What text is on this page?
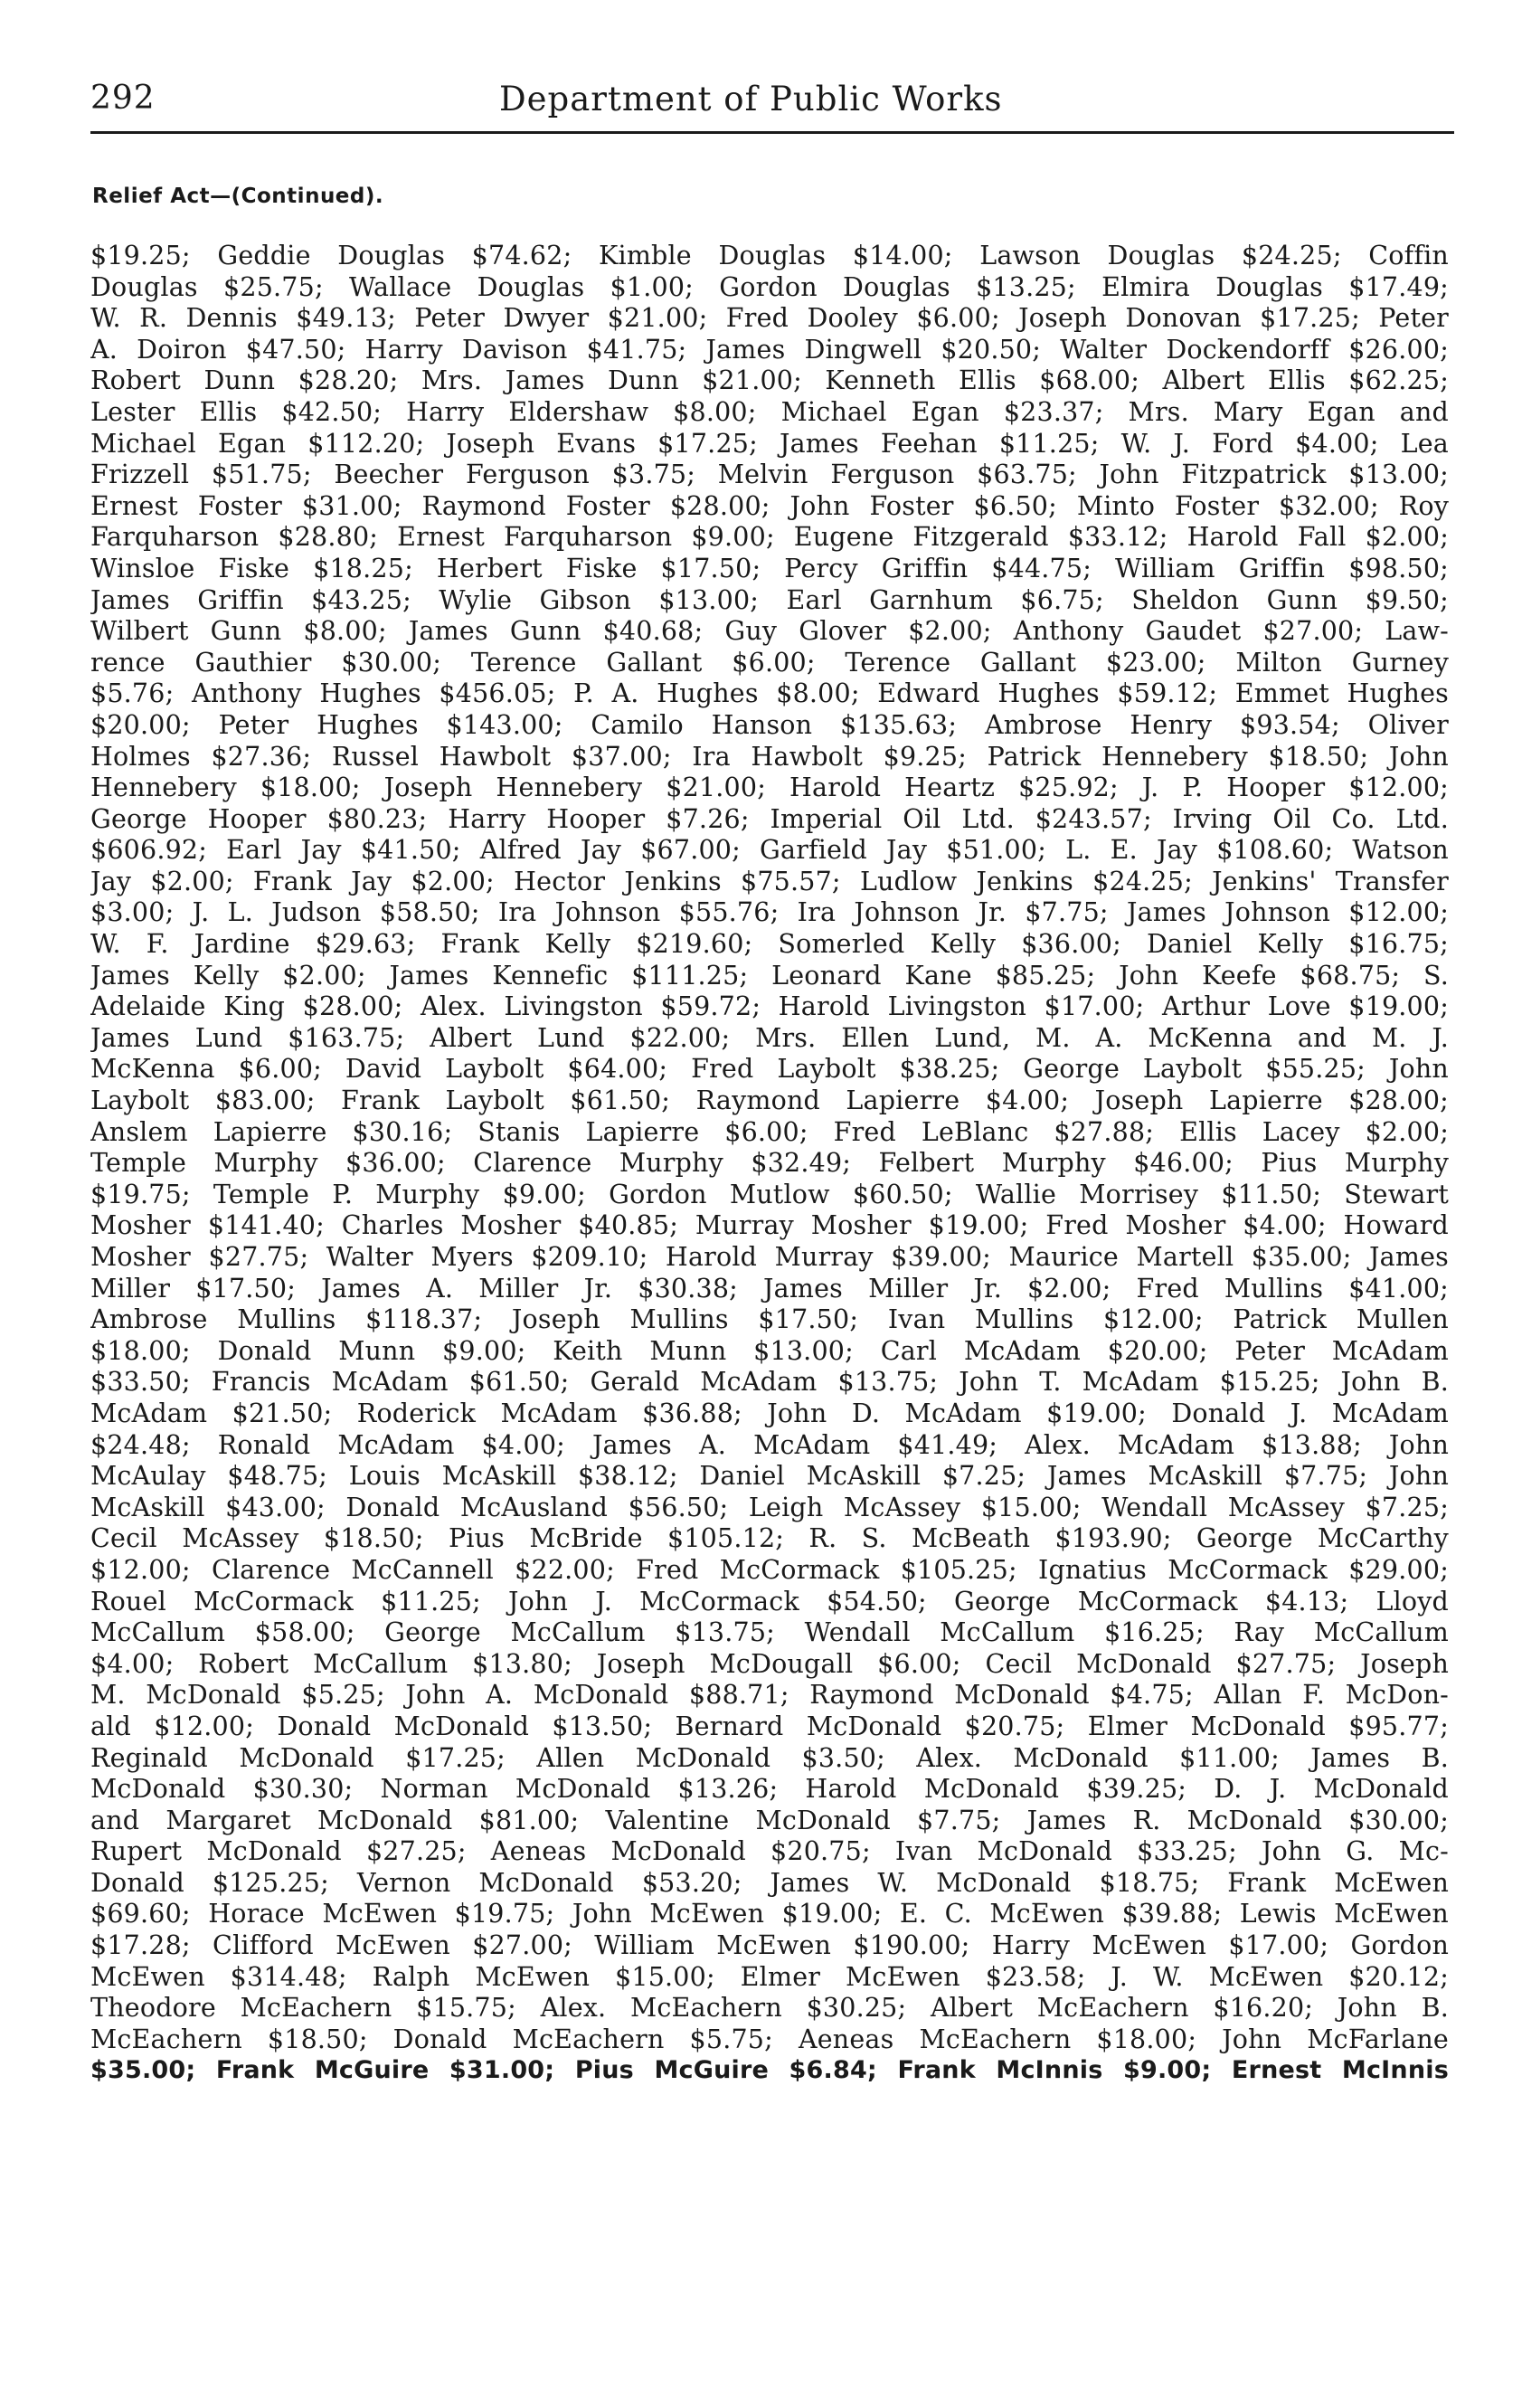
292	Department of Public Works
Relief Act—(Continued).
$19.25; Geddie Douglas $74.62; Kimble Douglas $14.00; Lawson Douglas $24.25; Coffin
Douglas $25.75; Wallace Douglas $1.00; Gordon Douglas $13.25; Elmira Douglas $17.49;
W. R. Dennis $49.13; Peter Dwyer $21.00; Fred Dooley $6.00; Joseph Donovan $17.25; Peter
A. Doiron $47.50; Harry Davison $41.75; James Dingwell $20.50; Walter Dockendorff $26.00;
Robert Dunn $28.20; Mrs. James Dunn $21.00; Kenneth Ellis $68.00; Albert Ellis $62.25;
Lester Ellis $42.50; Harry Eldershaw $8.00; Michael Egan $23.37; Mrs. Mary Egan and
Michael Egan $112.20; Joseph Evans $17.25; James Feehan $11.25; W. J. Ford $4.00; Lea
Frizzell $51.75; Beecher Ferguson $3.75; Melvin Ferguson $63.75; John Fitzpatrick $13.00;
Ernest Foster $31.00; Raymond Foster $28.00; John Foster $6.50; Minto Foster $32.00; Roy
Farquharson $28.80; Ernest Farquharson $9.00; Eugene Fitzgerald $33.12; Harold Fall $2.00;
Winsloe Fiske $18.25; Herbert Fiske $17.50; Percy Griffin $44.75; William Griffin $98.50;
James Griffin $43.25; Wylie Gibson $13.00; Earl Garnhum $6.75; Sheldon Gunn $9.50;
Wilbert Gunn $8.00; James Gunn $40.68; Guy Glover $2.00; Anthony Gaudet $27.00; Law-
rence Gauthier $30.00; Terence Gallant $6.00; Terence Gallant $23.00; Milton Gurney
$5.76; Anthony Hughes $456.05; P. A. Hughes $8.00; Edward Hughes $59.12; Emmet Hughes
$20.00; Peter Hughes $143.00; Camilo Hanson $135.63; Ambrose Henry $93.54; Oliver
Holmes $27.36; Russel Hawbolt $37.00; Ira Hawbolt $9.25; Patrick Hennebery $18.50; John
Hennebery $18.00; Joseph Hennebery $21.00; Harold Heartz $25.92; J. P. Hooper $12.00;
George Hooper $80.23; Harry Hooper $7.26; Imperial Oil Ltd. $243.57; Irving Oil Co. Ltd.
$606.92; Earl Jay $41.50; Alfred Jay $67.00; Garfield Jay $51.00; L. E. Jay $108.60; Watson
Jay $2.00; Frank Jay $2.00; Hector Jenkins $75.57; Ludlow Jenkins $24.25; Jenkins' Transfer
$3.00; J. L. Judson $58.50; Ira Johnson $55.76; Ira Johnson Jr. $7.75; James Johnson $12.00;
W. F. Jardine $29.63; Frank Kelly $219.60; Somerled Kelly $36.00; Daniel Kelly $16.75;
James Kelly $2.00; James Kennefic $111.25; Leonard Kane $85.25; John Keefe $68.75; S.
Adelaide King $28.00; Alex. Livingston $59.72; Harold Livingston $17.00; Arthur Love $19.00;
James Lund $163.75; Albert Lund $22.00; Mrs. Ellen Lund, M. A. McKenna and M. J.
McKenna $6.00; David Laybolt $64.00; Fred Laybolt $38.25; George Laybolt $55.25; John
Laybolt $83.00; Frank Laybolt $61.50; Raymond Lapierre $4.00; Joseph Lapierre $28.00;
Anslem Lapierre $30.16; Stanis Lapierre $6.00; Fred LeBlanc $27.88; Ellis Lacey $2.00;
Temple Murphy $36.00; Clarence Murphy $32.49; Felbert Murphy $46.00; Pius Murphy
$19.75; Temple P. Murphy $9.00; Gordon Mutlow $60.50; Wallie Morrisey $11.50; Stewart
Mosher $141.40; Charles Mosher $40.85; Murray Mosher $19.00; Fred Mosher $4.00; Howard
Mosher $27.75; Walter Myers $209.10; Harold Murray $39.00; Maurice Martell $35.00; James
Miller $17.50; James A. Miller Jr. $30.38; James Miller Jr. $2.00; Fred Mullins $41.00;
Ambrose Mullins $118.37; Joseph Mullins $17.50; Ivan Mullins $12.00; Patrick Mullen
$18.00; Donald Munn $9.00; Keith Munn $13.00; Carl McAdam $20.00; Peter McAdam
$33.50; Francis McAdam $61.50; Gerald McAdam $13.75; John T. McAdam $15.25; John B.
McAdam $21.50; Roderick McAdam $36.88; John D. McAdam $19.00; Donald J. McAdam
$24.48; Ronald McAdam $4.00; James A. McAdam $41.49; Alex. McAdam $13.88; John
McAulay $48.75; Louis McAskill $38.12; Daniel McAskill $7.25; James McAskill $7.75; John
McAskill $43.00; Donald McAusland $56.50; Leigh McAssey $15.00; Wendall McAssey $7.25;
Cecil McAssey $18.50; Pius McBride $105.12; R. S. McBeath $193.90; George McCarthy
$12.00; Clarence McCannell $22.00; Fred McCormack $105.25; Ignatius McCormack $29.00;
Rouel McCormack $11.25; John J. McCormack $54.50; George McCormack $4.13; Lloyd
McCallum $58.00; George McCallum $13.75; Wendall McCallum $16.25; Ray McCallum
$4.00; Robert McCallum $13.80; Joseph McDougall $6.00; Cecil McDonald $27.75; Joseph
M. McDonald $5.25; John A. McDonald $88.71; Raymond McDonald $4.75; Allan F. McDon-
ald $12.00; Donald McDonald $13.50; Bernard McDonald $20.75; Elmer McDonald $95.77;
Reginald McDonald $17.25; Allen McDonald $3.50; Alex. McDonald $11.00; James B.
McDonald $30.30; Norman McDonald $13.26; Harold McDonald $39.25; D. J. McDonald
and Margaret McDonald $81.00; Valentine McDonald $7.75; James R. McDonald $30.00;
Rupert McDonald $27.25; Aeneas McDonald $20.75; Ivan McDonald $33.25; John G. Mc-
Donald $125.25; Vernon McDonald $53.20; James W. McDonald $18.75; Frank McEwen
$69.60; Horace McEwen $19.75; John McEwen $19.00; E. C. McEwen $39.88; Lewis McEwen
$17.28; Clifford McEwen $27.00; William McEwen $190.00; Harry McEwen $17.00; Gordon
McEwen $314.48; Ralph McEwen $15.00; Elmer McEwen $23.58; J. W. McEwen $20.12;
Theodore McEachern $15.75; Alex. McEachern $30.25; Albert McEachern $16.20; John B.
McEachern $18.50; Donald McEachern $5.75; Aeneas McEachern $18.00; John McFarlane
$35.00; Frank McGuire $31.00; Pius McGuire $6.84; Frank McInnis $9.00; Ernest McInnis
